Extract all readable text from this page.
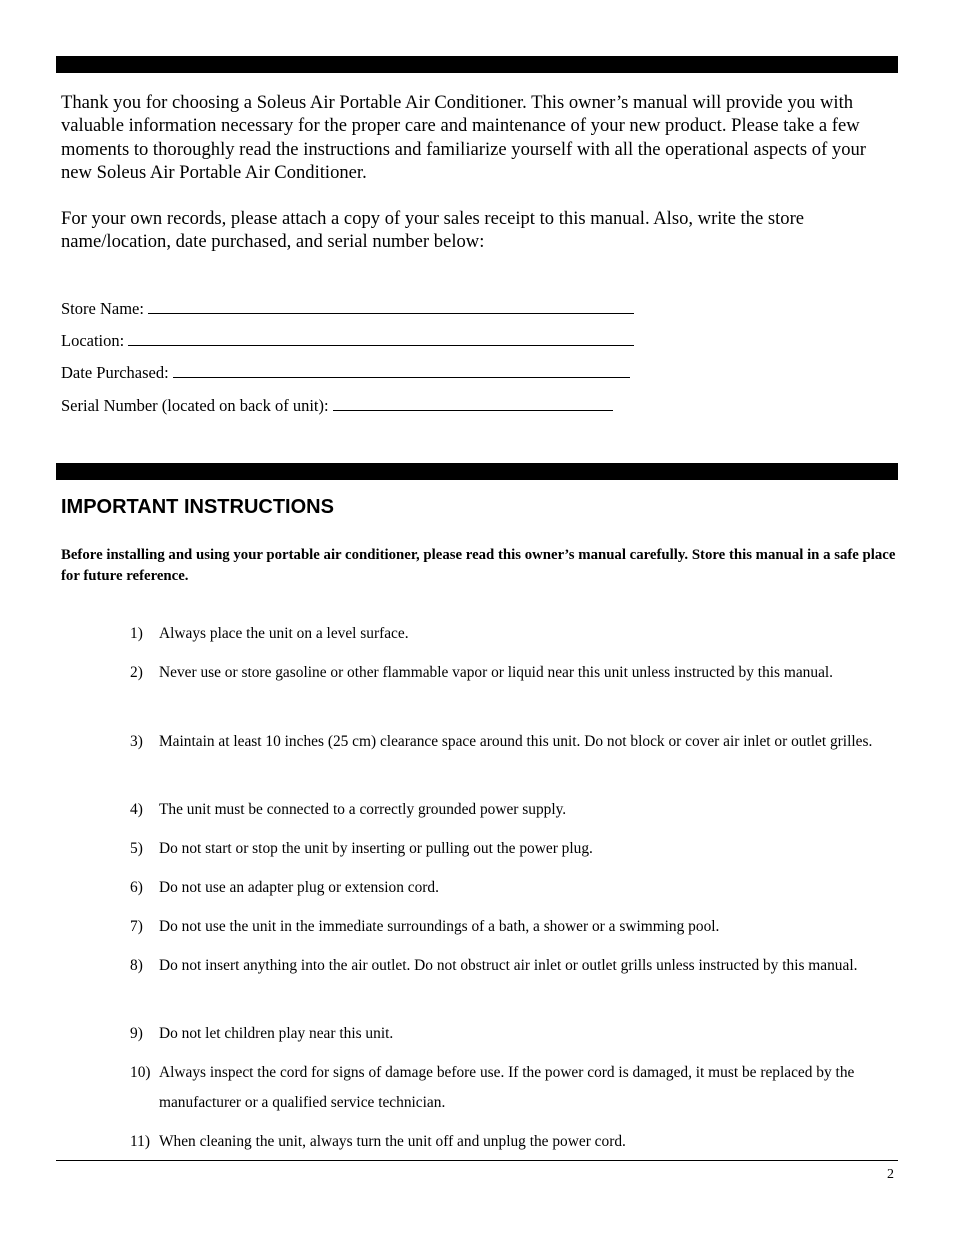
Thank you for choosing a Soleus Air Portable Air Conditioner. This owner’s manual will provide you with valuable information necessary for the proper care and maintenance of your new product. Please take a few moments to thoroughly read the instructions and familiarize yourself with all the operational aspects of your new Soleus Air Portable Air Conditioner.

For your own records, please attach a copy of your sales receipt to this manual. Also, write the store name/location, date purchased, and serial number below:

Store Name:
Location:
Date Purchased:
Serial Number (located on back of unit):
IMPORTANT INSTRUCTIONS

Before installing and using your portable air conditioner, please read this owner’s manual carefully. Store this manual in a safe place for future reference.

1)	Always place the unit on a level surface.
2)	Never use or store gasoline or other flammable vapor or liquid near this unit unless instructed by this manual.
3)	Maintain at least 10 inches (25 cm) clearance space around this unit. Do not block or cover air inlet or outlet grilles.
4)	The unit must be connected to a correctly grounded power supply.
5)	Do not start or stop the unit by inserting or pulling out the power plug.
6)	Do not use an adapter plug or extension cord.
7)	Do not use the unit in the immediate surroundings of a bath, a shower or a swimming pool.
8)	Do not insert anything into the air outlet. Do not obstruct air inlet or outlet grills unless instructed by this manual.
9)	Do not let children play near this unit.
10) Always inspect the cord for signs of damage before use. If the power cord is damaged, it must be replaced by the manufacturer or a qualified service technician.
11) When cleaning the unit, always turn the unit off and unplug the power cord.
2
